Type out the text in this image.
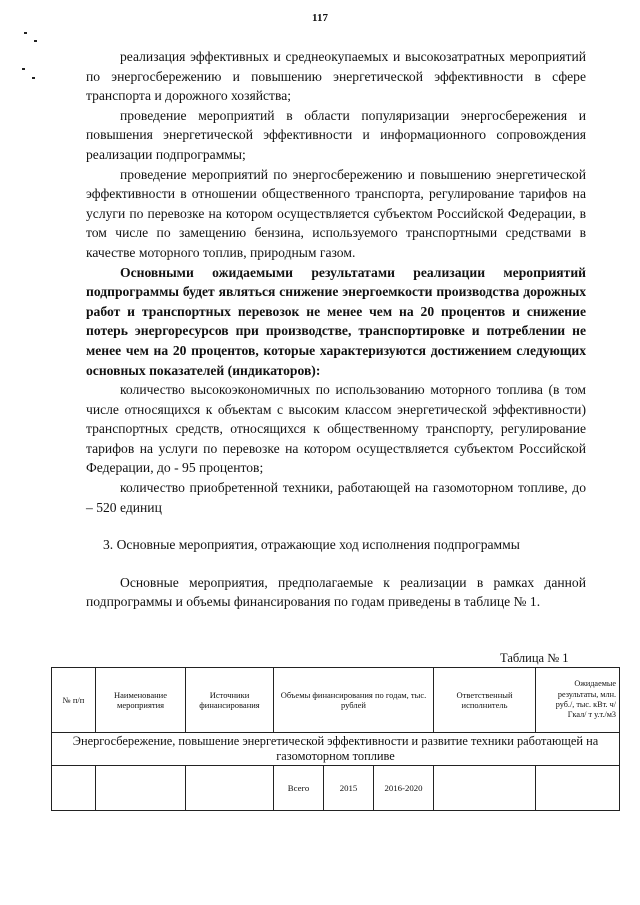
117

реализация эффективных и среднеокупаемых и высокозатратных мероприятий по энергосбережению и повышению энергетической эффективности в сфере транспорта и дорожного хозяйства;

проведение мероприятий в области популяризации энергосбережения и повышения энергетической эффективности и информационного сопровождения реализации подпрограммы;

проведение мероприятий по энергосбережению и повышению энергетической эффективности в отношении общественного транспорта, регулирование тарифов на услуги по перевозке на котором осуществляется субъектом Российской Федерации, в том числе по замещению бензина, используемого транспортными средствами в качестве моторного топлив, природным газом.

Основными ожидаемыми результатами реализации мероприятий подпрограммы будет являться снижение энергоемкости производства дорожных работ и транспортных перевозок не менее чем на 20 процентов и снижение потерь энергоресурсов при производстве, транспортировке и потреблении не менее чем на 20 процентов, которые характеризуются достижением следующих основных показателей (индикаторов):

количество высокоэкономичных по использованию моторного топлива (в том числе относящихся к объектам с высоким классом энергетической эффективности) транспортных средств, относящихся к общественному транспорту, регулирование тарифов на услуги по перевозке на котором осуществляется субъектом Российской Федерации, до - 95 процентов;

количество приобретенной техники, работающей на газомоторном топливе, до – 520 единиц

3. Основные мероприятия, отражающие ход исполнения подпрограммы

Основные мероприятия, предполагаемые к реализации в рамках данной подпрограммы и объемы финансирования по годам приведены в таблице № 1.

Таблица № 1
№ п/п	Наименование мероприятия	Источники финансирования	Объемы финансирования по годам, тыс. рублей			Ответственный исполнитель	Ожидаемые результаты, млн. руб./, тыс. кВт. ч/Гкал/ т у.т./м3
Энергосбережение, повышение энергетической эффективности и развитие техники работающей на газомоторном топливе							
			Всего	2015	2016-2020		
